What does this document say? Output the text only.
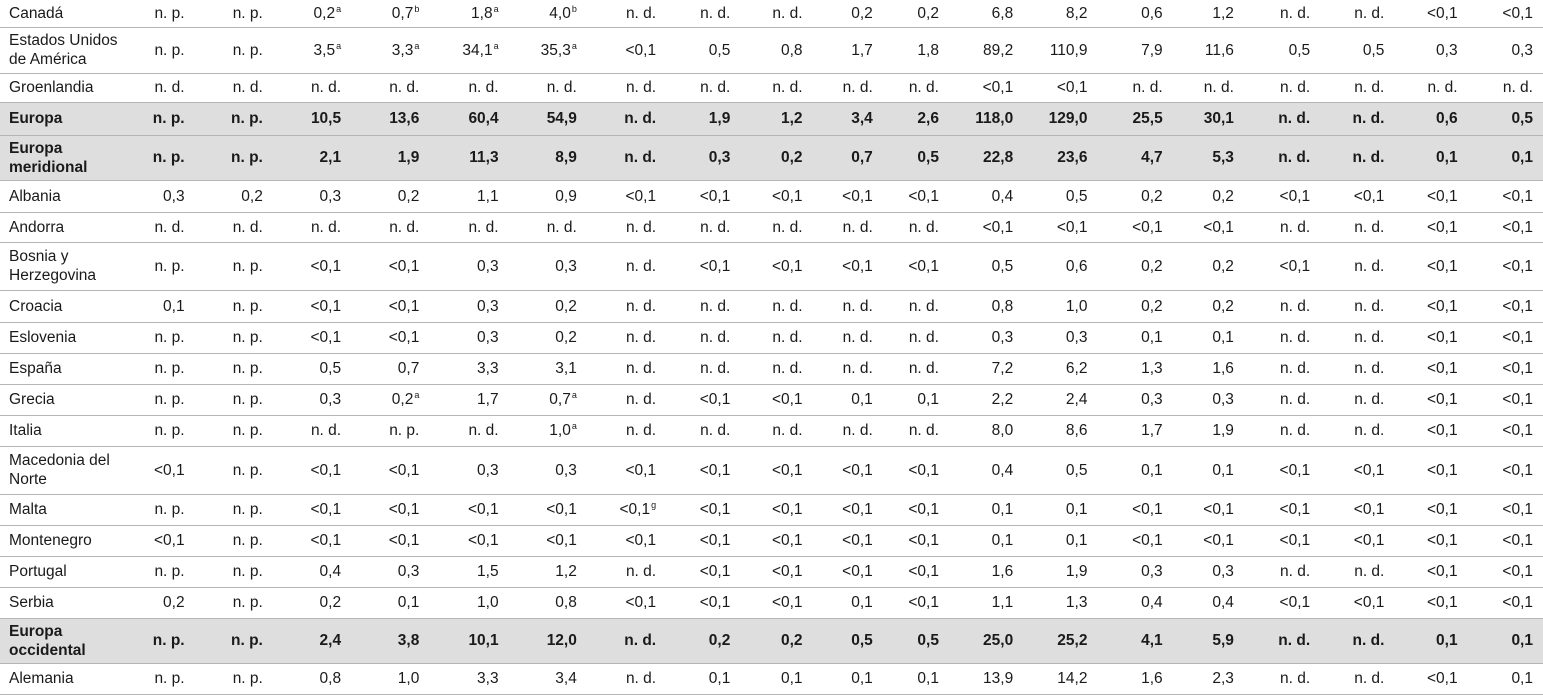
Canadá	n. p.	n. p.	0,2$^a$	0,7$^b$	1,8$^a$	4,0$^b$	n. d.	n. d.	n. d.	0,2	0,2	6,8	8,2	0,6	1,2	n. d.	n. d.	<0,1	<0,1
Estados Unidos de América	n. p.	n. p.	3,5$^a$	3,3$^a$	34,1$^a$	35,3$^a$	<0,1	0,5	0,8	1,7	1,8	89,2	110,9	7,9	11,6	0,5	0,5	0,3	0,3
Groenlandia	n. d.	n. d.	n. d.	n. d.	n. d.	n. d.	n. d.	n. d.	n. d.	n. d.	n. d.	<0,1	<0,1	n. d.	n. d.	n. d.	n. d.	n. d.	n. d.
Europa	n. p.	n. p.	10,5	13,6	60,4	54,9	n. d.	1,9	1,2	3,4	2,6	118,0	129,0	25,5	30,1	n. d.	n. d.	0,6	0,5
Europa meridional	n. p.	n. p.	2,1	1,9	11,3	8,9	n. d.	0,3	0,2	0,7	0,5	22,8	23,6	4,7	5,3	n. d.	n. d.	0,1	0,1
Albania	0,3	0,2	0,3	0,2	1,1	0,9	<0,1	<0,1	<0,1	<0,1	<0,1	0,4	0,5	0,2	0,2	<0,1	<0,1	<0,1	<0,1
Andorra	n. d.	n. d.	n. d.	n. d.	n. d.	n. d.	n. d.	n. d.	n. d.	n. d.	n. d.	<0,1	<0,1	<0,1	<0,1	n. d.	n. d.	<0,1	<0,1
Bosnia y Herzegovina	n. p.	n. p.	<0,1	<0,1	0,3	0,3	n. d.	<0,1	<0,1	<0,1	<0,1	0,5	0,6	0,2	0,2	<0,1	n. d.	<0,1	<0,1
Croacia	0,1	n. p.	<0,1	<0,1	0,3	0,2	n. d.	n. d.	n. d.	n. d.	n. d.	0,8	1,0	0,2	0,2	n. d.	n. d.	<0,1	<0,1
Eslovenia	n. p.	n. p.	<0,1	<0,1	0,3	0,2	n. d.	n. d.	n. d.	n. d.	n. d.	0,3	0,3	0,1	0,1	n. d.	n. d.	<0,1	<0,1
España	n. p.	n. p.	0,5	0,7	3,3	3,1	n. d.	n. d.	n. d.	n. d.	n. d.	7,2	6,2	1,3	1,6	n. d.	n. d.	<0,1	<0,1
Grecia	n. p.	n. p.	0,3	0,2$^a$	1,7	0,7$^a$	n. d.	<0,1	<0,1	0,1	0,1	2,2	2,4	0,3	0,3	n. d.	n. d.	<0,1	<0,1
Italia	n. p.	n. p.	n. d.	n. p.	n. d.	1,0$^a$	n. d.	n. d.	n. d.	n. d.	n. d.	8,0	8,6	1,7	1,9	n. d.	n. d.	<0,1	<0,1
Macedonia del Norte	<0,1	n. p.	<0,1	<0,1	0,3	0,3	<0,1	<0,1	<0,1	<0,1	<0,1	0,4	0,5	0,1	0,1	<0,1	<0,1	<0,1	<0,1
Malta	n. p.	n. p.	<0,1	<0,1	<0,1	<0,1	<0,1$^g$	<0,1	<0,1	<0,1	<0,1	0,1	0,1	<0,1	<0,1	<0,1	<0,1	<0,1	<0,1
Montenegro	<0,1	n. p.	<0,1	<0,1	<0,1	<0,1	<0,1	<0,1	<0,1	<0,1	<0,1	0,1	0,1	<0,1	<0,1	<0,1	<0,1	<0,1	<0,1
Portugal	n. p.	n. p.	0,4	0,3	1,5	1,2	n. d.	<0,1	<0,1	<0,1	<0,1	1,6	1,9	0,3	0,3	n. d.	n. d.	<0,1	<0,1
Serbia	0,2	n. p.	0,2	0,1	1,0	0,8	<0,1	<0,1	<0,1	0,1	<0,1	1,1	1,3	0,4	0,4	<0,1	<0,1	<0,1	<0,1
Europa occidental	n. p.	n. p.	2,4	3,8	10,1	12,0	n. d.	0,2	0,2	0,5	0,5	25,0	25,2	4,1	5,9	n. d.	n. d.	0,1	0,1
Alemania	n. p.	n. p.	0,8	1,0	3,3	3,4	n. d.	0,1	0,1	0,1	0,1	13,9	14,2	1,6	2,3	n. d.	n. d.	<0,1	0,1
